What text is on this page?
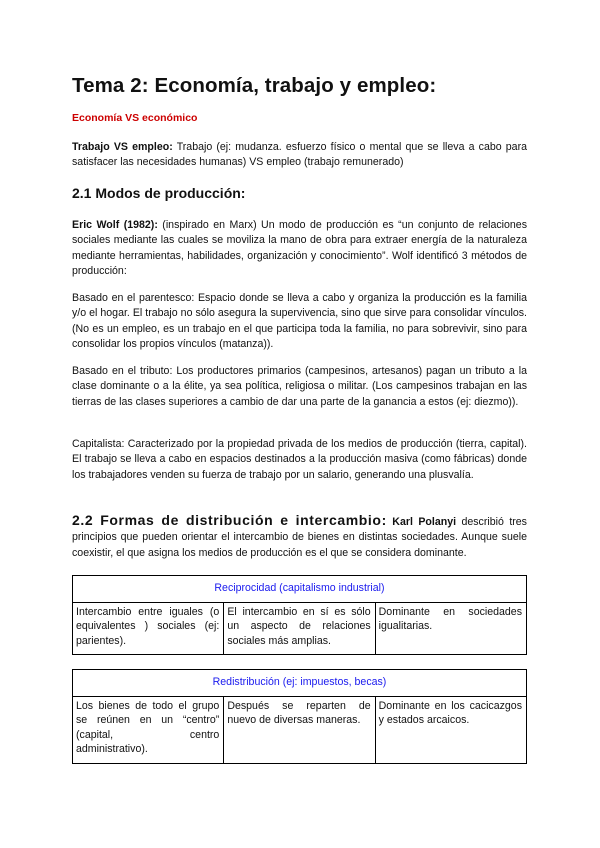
Tema 2: Economía, trabajo y empleo:
Economía VS económico

Trabajo VS empleo: Trabajo (ej: mudanza. esfuerzo físico o mental que se lleva a cabo para satisfacer las necesidades humanas) VS empleo (trabajo remunerado)

2.1 Modos de producción:

Eric Wolf (1982): (inspirado en Marx) Un modo de producción es “un conjunto de relaciones sociales mediante las cuales se moviliza la mano de obra para extraer energía de la naturaleza mediante herramientas, habilidades, organización y conocimiento”. Wolf identificó 3 métodos de producción:

Basado en el parentesco: Espacio donde se lleva a cabo y organiza la producción es la familia y/o el hogar. El trabajo no sólo asegura la supervivencia, sino que sirve para consolidar vínculos. (No es un empleo, es un trabajo en el que participa toda la familia, no para sobrevivir, sino para consolidar los propios vínculos (matanza)).

Basado en el tributo: Los productores primarios (campesinos, artesanos) pagan un tributo a la clase dominante o a la élite, ya sea política, religiosa o militar. (Los campesinos trabajan en las tierras de las clases superiores a cambio de dar una parte de la ganancia a estos (ej: diezmo)).

Capitalista: Caracterizado por la propiedad privada de los medios de producción (tierra, capital). El trabajo se lleva a cabo en espacios destinados a la producción masiva (como fábricas) donde los trabajadores venden su fuerza de trabajo por un salario, generando una plusvalía.

2.2 Formas de distribución e intercambio: Karl Polanyi describió tres principios que pueden orientar el intercambio de bienes en distintas sociedades. Aunque suele coexistir, el que asigna los medios de producción es el que se considera dominante.

Reciprocidad (capitalismo industrial)
Intercambio entre iguales (o equivalentes ) sociales (ej: parientes).	El intercambio en sí es sólo un aspecto de relaciones sociales más amplias.	Dominante en sociedades igualitarias.
Redistribución (ej: impuestos, becas)
Los bienes de todo el grupo se reúnen en un “centro” (capital, centro administrativo).	Después se reparten de nuevo de diversas maneras.	Dominante en los cacicazgos y estados arcaicos.
